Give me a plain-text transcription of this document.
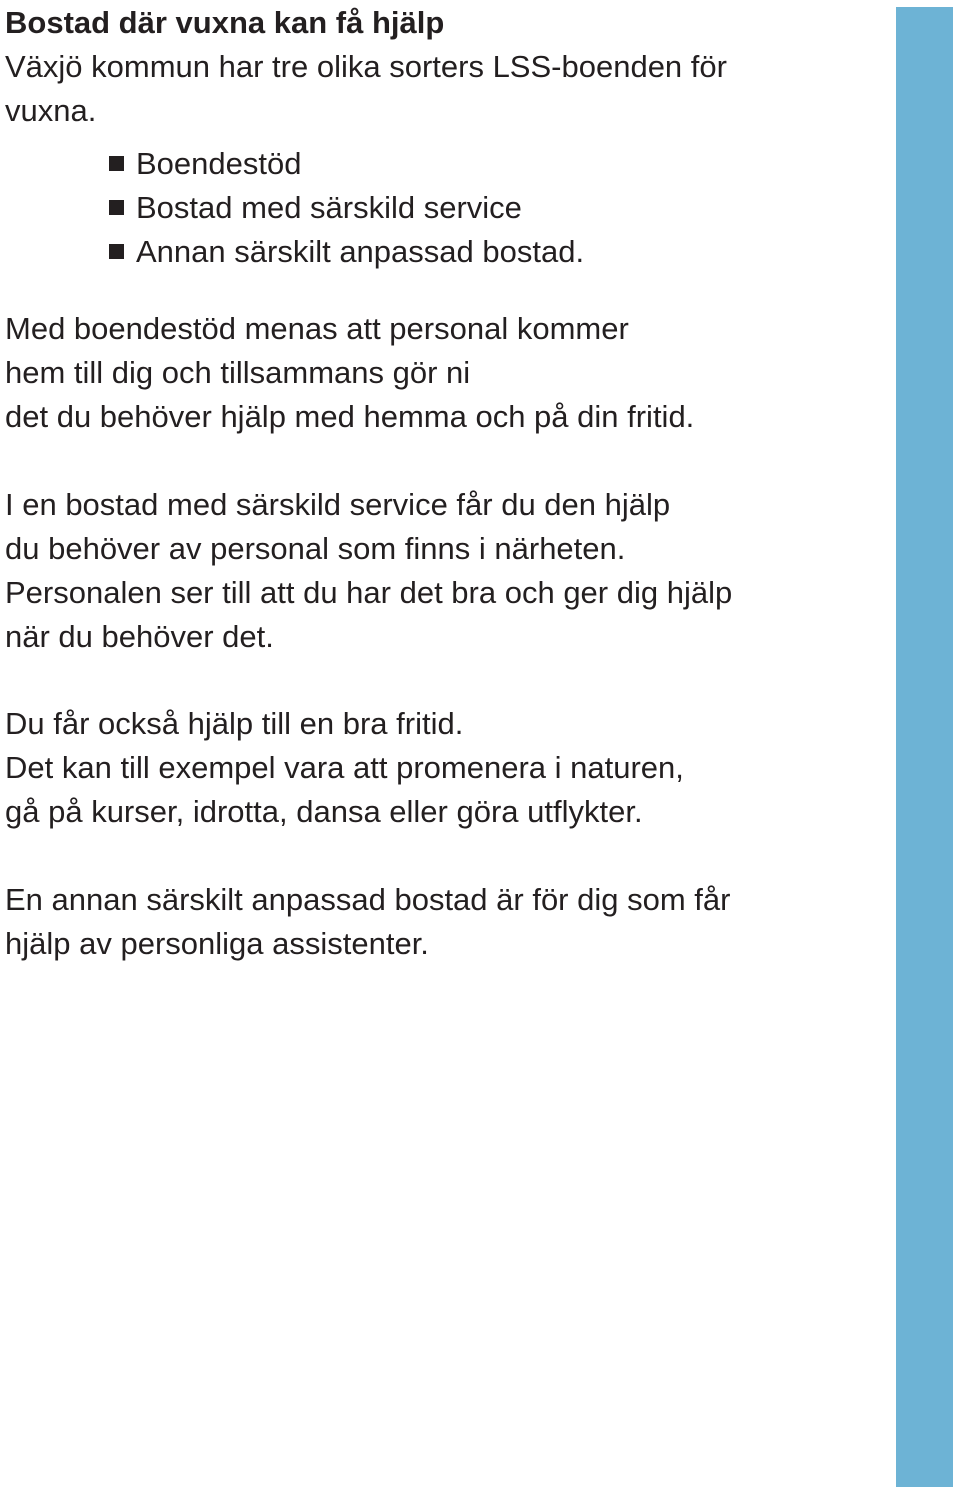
Bostad där vuxna kan få hjälp

Växjö kommun har tre olika sorters LSS-boenden för
vuxna.

Boendestöd
Bostad med särskild service
Annan särskilt anpassad bostad.

Med boendestöd menas att personal kommer
hem till dig och tillsammans gör ni
det du behöver hjälp med hemma och på din fritid.

I en bostad med särskild service får du den hjälp
du behöver av personal som finns i närheten.
Personalen ser till att du har det bra och ger dig hjälp
när du behöver det.

Du får också hjälp till en bra fritid.
Det kan till exempel vara att promenera i naturen,
gå på kurser, idrotta, dansa eller göra utflykter.

En annan särskilt anpassad bostad är för dig som får
hjälp av personliga assistenter.
